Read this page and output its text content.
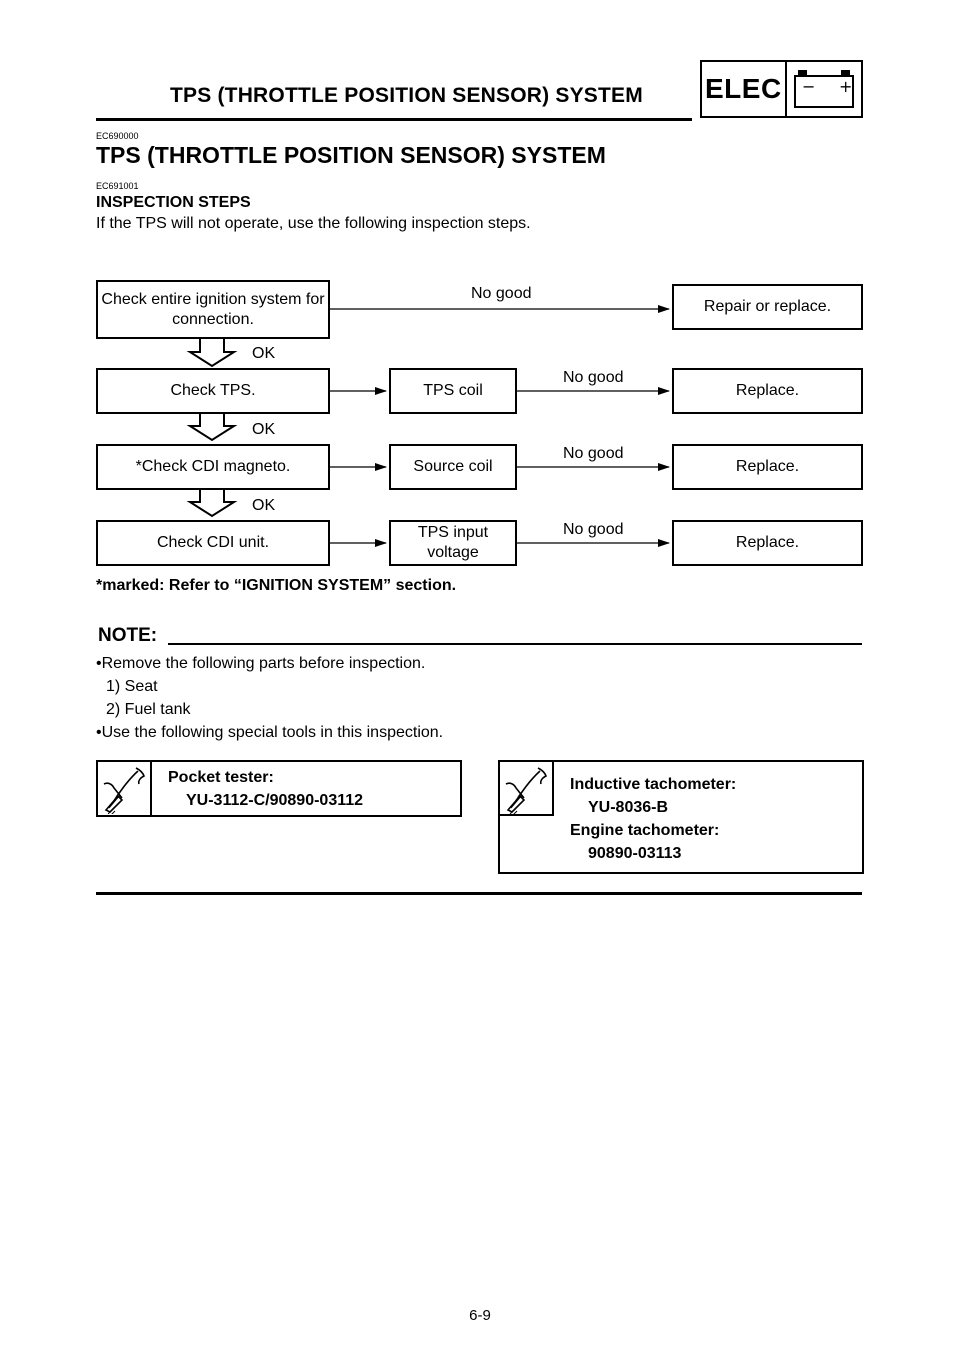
TPS (THROTTLE POSITION SENSOR) SYSTEM ELEC − +
EC690000
TPS (THROTTLE POSITION SENSOR) SYSTEM
EC691001
INSPECTION STEPS
If the TPS will not operate, use the following inspection steps.
Check entire ignition system for connection.
No good
Repair or replace.
OK
Check TPS.	TPS coil
No good
Replace.
OK
*Check CDI magneto.	Source coil
No good
Replace.
OK
Check CDI unit.
TPS input voltage
No good
Replace.
*marked: Refer to “IGNITION SYSTEM” section.
NOTE:
•Remove the following parts before inspection.
1) Seat
2) Fuel tank
•Use the following special tools in this inspection.
Pocket tester:
YU-3112-C/90890-03112
Inductive tachometer:
YU-8036-B
Engine tachometer:
90890-03113
6-9
